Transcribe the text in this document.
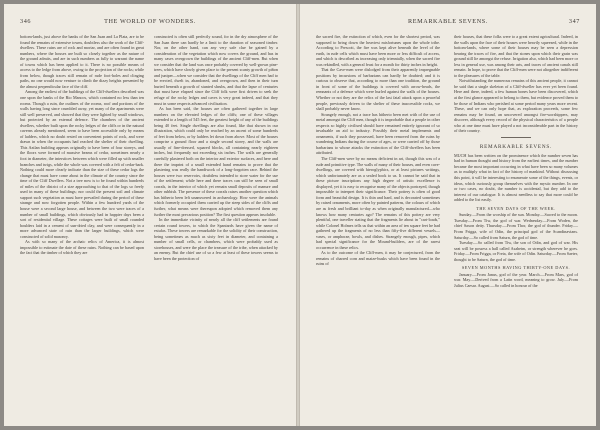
346	THE WORLD OF WONDERS.

bottom-lands, just above the banks of the San Juan and La Plata, are to be found the remains of extensive towns, doubtless also the work of the Cliff-dwellers. These ruins are of rock and mortar, and are often found in great numbers, where the houses are built so closely together as the nature of the ground admits, and are in such numbers as fully to warrant the name of towns which has been applied to it. There is no possible means of access to the ledge from above, owing to the projection of the rocks; while from below, though traces still remain of rude foot-holes and clinging paths, no one would now venture to climb the dizzy heights presented by the almost perpendicular face of the cliff.

Among the earliest of the buildings of the Cliff-dwellers described was one upon the banks of the Rio Mancos, which contained no less than ten rooms. Though a ruin, the outlines of the rooms, roof and portions of the walls having long since crumbled away, yet many of the apartments were still well preserved, and showed that they were lighted by small windows, but protected by an external defence. The chambers of the ancient dwellers, whether built upon the rocky ledges of the cliffs or in the natural caverns already mentioned, seem to have been accessible only by means of ladders, which no doubt rested on convenient points of rock, and were drawn in when the occupants had reached the shelter of their dwelling. This Aztlan building appears originally to have been of four storeys, and the floors were formed of massive beams of cedar, sometimes nearly a foot in diameter, the interstices between which were filled up with smaller branches and twigs, while the whole was covered with a felt of cedar-bark. Nothing could more clearly indicate than the size of these cedar logs the change that must have come about in the climate of the country since the time of the Cliff Dwellers. Not a tree now is to be found within hundreds of miles of the district of a size approaching to that of the logs so freely used in many of these buildings; nor could the present soil and climate support such vegetation as must have prevailed during the period of these strange and now forgotten people. Within a few hundred yards of the house were a second large house, and between the two were traces of a number of small buildings, which obviously had in happier days been a sort of residential village. These cottages were built of small rounded boulders laid in a cement of sun-dried clay, and were consequently in a more advanced state of ruin than the larger buildings, which were constructed of solid masonry.

As with so many of the archaic relics of America, it is almost impossible to estimate the date of these ruins. Nothing can be based upon the fact that the timber of which they are

constructed is often still perfectly sound, for in the dry atmosphere of the San Juan there can hardly be a limit to the duration of seasoned timber. Nor, on the other hand, can any very safe clue be gained by a consideration of the vegetation which now covers the ground, and has in many cases overgrown the buildings of the ancient Cliff-men. But when we consider that the land was once probably covered by well-grown pine-trees, which have slowly given place to the present scanty growth of piñon and juniper—when we consider that the dwellings of the Cliff men had to be erected, dwelt in, abandoned, and overgrown, and then in their turn buried beneath a growth of stunted shrubs, and that the lapse of centuries that must have elapsed since the Cliff folk were first driven to seek the refuge of the rocky ledges and caves is very great indeed, and that they must in some respects advanced civilisation.

As has been said, the houses are often gathered together in large numbers on the elevated ledges of the cliffs; one of these villages extended to a length of 545 feet, the greatest height of any of the buildings being 40 feet. Single dwellings are also found, like that shown in our illustration, which could only be reached by an ascent of some hundreds of feet from below, or by ladders let down from above. Most of the houses comprise a ground floor and a single second storey, and the walls are usually of fine-dressed, squared blocks, all containing nearly eighteen inches, but frequently not exceeding six inches. The walls are generally carefully plastered both on the interior and exterior surfaces, and here and there the imprint of a small extended hand remains to prove that the plastering was really the handiwork of a long-forgotten race. Behind the houses were two reservoirs, doubtless intended to store water for the use of the settlement; while here and there traces can still be seen of small corrals, in the interior of which yet remain small deposits of manure and other rubbish. The presence of these corrals raises another question which has hitherto been left unanswered in archaeology. How were the animals which formerly occupied them carried up the steep sides of the cliffs and further, what means were thereupon adopted which removed them any further the most precarious position? The first question appears insoluble.

In the immediate vicinity of nearly all the cliff settlements are found certain round towers, to which the Spaniards have given the name of estufas. These towers are remarkable for the solidity of their construction, being sometimes as much as sixty feet in diameter, and containing a number of small cells, or chambers, which were probably used as storehouses, and were the place the treasure of the tribe, when attacked by an enemy. But the chief use of so a few at least of these towers seems to have been the protection of

REMARKABLE SEVENS.	347

the sacred fire, the extinction of which, even for the shortest period, was supposed to bring down the heaviest misfortunes upon the whole tribe. According to Prescott, the fire was kept alive beneath the level of the earth, in rude cells which must have been more or less difficult of access, and which is described as increasing only triennially, when the sacred fire was rekindled, with a general feast for a month for thirty inches in height.

That the Cave-men were dislodged from their apparently impregnable positions by incursions of barbarians can hardly be doubted; and it is curious to observe that, according to more than one tradition, the ground in front of some of the buildings is covered with arrow-heads, the remnants of a defence which were hurled against the walls of the houses. Whether or not they are the relics of the last fatal attack upon a peaceful people, previously driven to the shelter of these inaccessible rocks, we shall probably never know.

Strangely enough, not a trace has hitherto been met with of the use of metal amongst the Cliff men, though it is improbable that a people in other respects so highly civilised should have remained entirely ignorant of so invaluable an aid to industry. Possibly their metal implements and ornaments, if such they possessed, have been removed from the ruins by wandering Indians during the course of ages, or were carried off by those barbarians to whose attacks the extinction of the Cliff-dwellers has been attributed.

The Cliff-men were by no means deficient in art, though this was of a rude and primitive type. The walls of many of their houses, and even cave-dwellings, are covered with hieroglyphics, or at least pictures writings, which unfortunately are as a sealed book to us. It cannot be said that in these picture inscriptions any high degree of artistic excellence is displayed, yet it is easy to recognise many of the objects portrayed, though impossible to interpret their significance. Their pottery is often of good form and beautiful design. It is thin and hard, and is decorated sometimes by raised ornaments, more often by painted patterns, the colours of which are as fresh and brilliant to-day as when originally manufactured—who knows how many centuries ago? The remains of this pottery are very plentiful, one traveller stating that the fragments lie about in "cart-loads," while Colonel Holmes tells us that within an area of ten square feet he had gathered up the fragments of no less than fifty-five different vessels—vases, or amphorae, bowls, and dishes. Strangely enough, pipes, which had special significance for the Mound-builders, are of the rarest occurrence in these relics.

As to the outcome of the Cliff-men, it may be conjectured, from the remains of charred corn and maize-husks which have been found in the ruins of

their houses, that these folks were to a great extent agricultural. Indeed, in the walls upon the face of their houses were heavily squeezed, while in the bottom-lands, where some of their houses may be seen a depression bearing the traces of fire, and that the stones upon which their grain was ground still lie amongst the refuse. Irrigation also, which had been more or less in general use, was among their arts, and traces of ancient canals still remain. In hope, to prove that the Cliff-men were not altogether indifferent to the pleasures of the table.

Notwithstanding the numerous remains of this ancient people, it cannot be said that a single skeleton of a Cliff-dweller has ever yet been found. Here and there, indeed, a few human bones have been discovered, which at the first glance appeared to belong to them, but evidence proved them to be those of Indians who perished at some period many years more recent. These, and we can only hope that, as exploration proceeds, some few remains may be found, an uncovered amongst fire-worshippers, may discover, although every record of the physical characteristics of a people who at one time must have played a not inconsiderable part in the history of their country.

REMARKABLE SEVENS.

MUCH has been written on the prominence which the number seven has had in human thought and history from the earliest times, and the number became the most important occurring in what have been so many volumes as to multiply what in fact of the history of mankind. Without discussing this point, it will be interesting to enumerate some of the things, events, or ideas, which curiously group themselves with the mystic number. In one or two cases, no doubt, the number is accidental, but they add to the interest of our catalogue. It is almost needless to say that more could be added to the list easily.

THE SEVEN DAYS OF THE WEEK.

Sunday.—From the worship of the sun. Monday.—Sacred to the moon. Tuesday.—From Tiw, the god of war. Wednesday.—From Woden, the chief Saxon deity. Thursday.—From Thor, the god of thunder. Friday.—From Frigga, wife of Odin, the principal god of the Scandinavians. Saturday.—So called from Saturn, the god of time.

Tuesday.—So called from Tiw, the son of Odin, and god of war. His seat will be possess a hall called Asaheim, or strength wherever he goes. Friday.—From Frigga, or Freia, the wife of Odin. Saturday.—From Saeter, thought to be Saturn, the god of time.

SEVEN MONTHS HAVING THIRTY-ONE DAYS.

January.—From Janus, god of the year. March.—From Mars, god of war. May.—Derived from a Latin word, meaning to grow. July.—From Julius Caesar. August.—So called in honour of the
